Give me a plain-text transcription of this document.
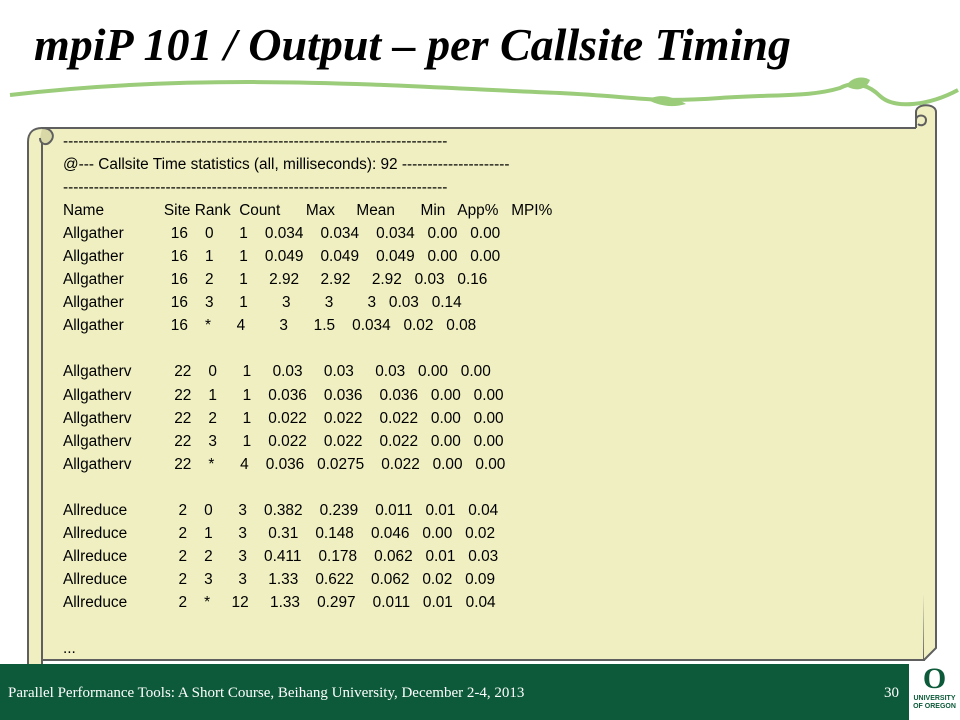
mpiP 101 / Output – per Callsite Timing
---------------------------------------------------------------------------
@--- Callsite Time statistics (all, milliseconds): 92 ---------------------
---------------------------------------------------------------------------
Name              Site Rank  Count      Max     Mean      Min   App%   MPI%
Allgather           16    0      1    0.034    0.034    0.034   0.00   0.00
Allgather           16    1      1    0.049    0.049    0.049   0.00   0.00
Allgather           16    2      1     2.92     2.92     2.92   0.03   0.16
Allgather           16    3      1        3        3        3   0.03   0.14
Allgather           16    *      4        3      1.5    0.034   0.02   0.08
Allgatherv          22    0      1     0.03     0.03     0.03   0.00   0.00
Allgatherv          22    1      1    0.036    0.036    0.036   0.00   0.00
Allgatherv          22    2      1    0.022    0.022    0.022   0.00   0.00
Allgatherv          22    3      1    0.022    0.022    0.022   0.00   0.00
Allgatherv          22    *      4    0.036   0.0275    0.022   0.00   0.00
Allreduce            2    0      3    0.382    0.239    0.011   0.01   0.04
Allreduce            2    1      3     0.31    0.148    0.046   0.00   0.02
Allreduce            2    2      3    0.411    0.178    0.062   0.01   0.03
Allreduce            2    3      3     1.33    0.622    0.062   0.02   0.09
Allreduce            2    *     12     1.33    0.297    0.011   0.01   0.04
...
Parallel Performance Tools: A Short Course, Beihang University, December 2-4, 2013	30 O
UNIVERSITY
OF OREGON
